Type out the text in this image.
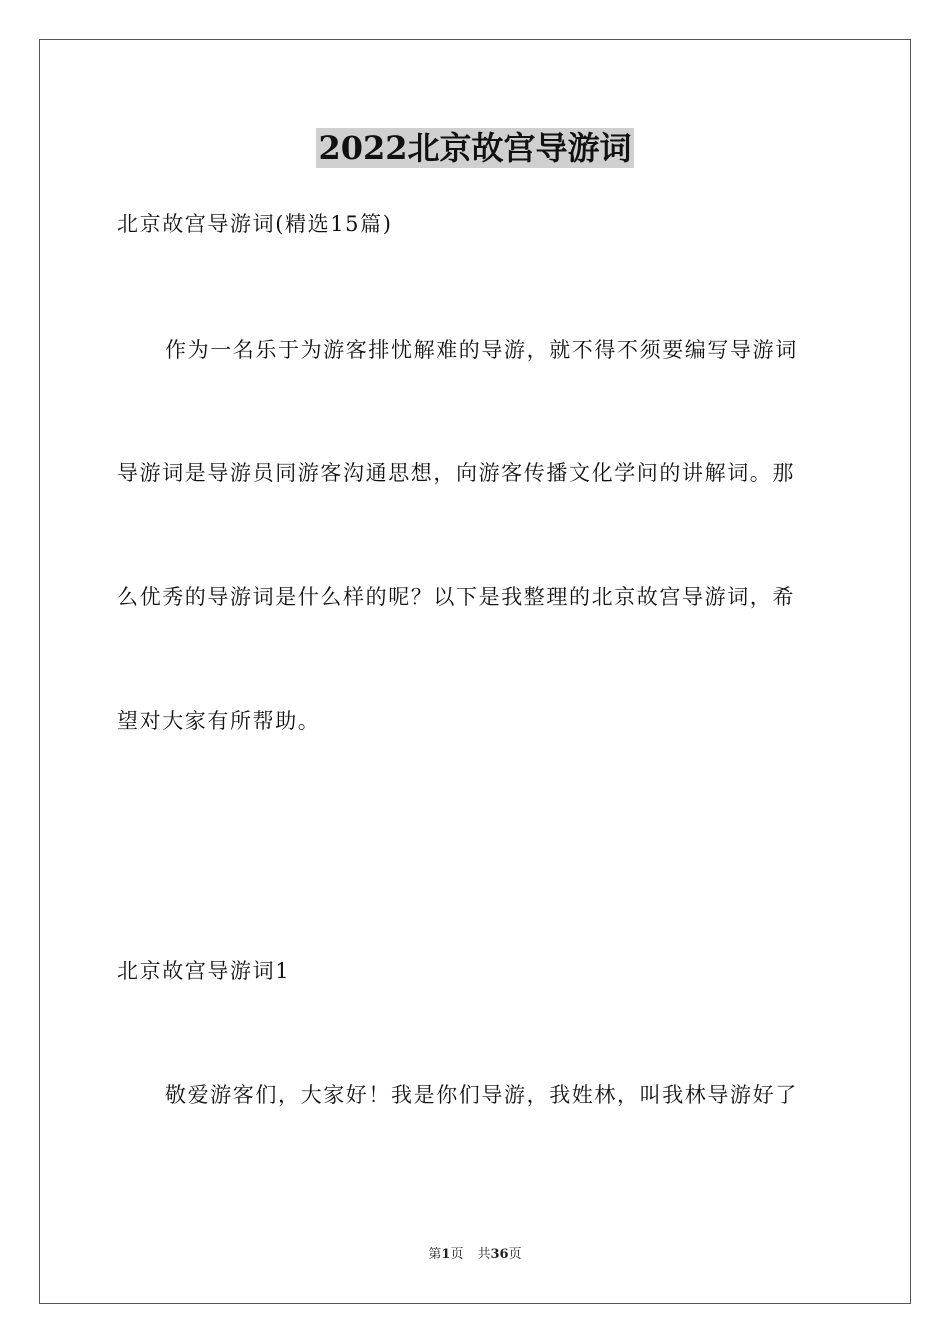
2022北京故宫导游词
北京故宫导游词(精选15篇)
作为一名乐于为游客排忧解难的导游，就不得不须要编写导游词
导游词是导游员同游客沟通思想，向游客传播文化学问的讲解词。那
么优秀的导游词是什么样的呢？以下是我整理的北京故宫导游词，希
望对大家有所帮助。
北京故宫导游词1
敬爱游客们，大家好！我是你们导游，我姓林，叫我林导游好了
第1页 共36页
